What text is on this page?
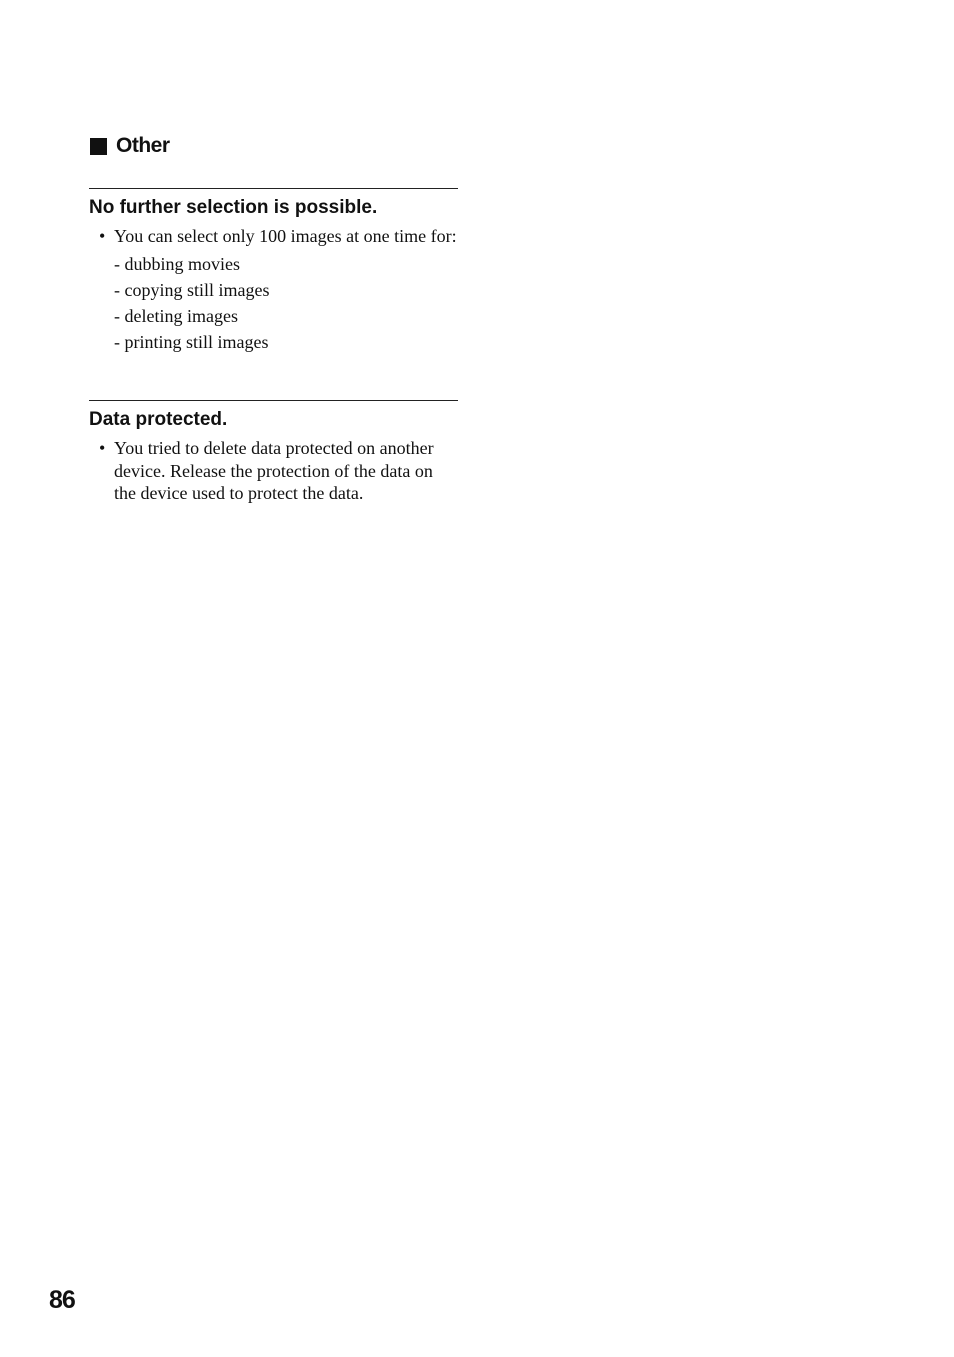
Other
No further selection is possible.
• You can select only 100 images at one time for:
- dubbing movies
- copying still images
- deleting images
- printing still images
Data protected.
• You tried to delete data protected on another device. Release the protection of the data on the device used to protect the data.
86
